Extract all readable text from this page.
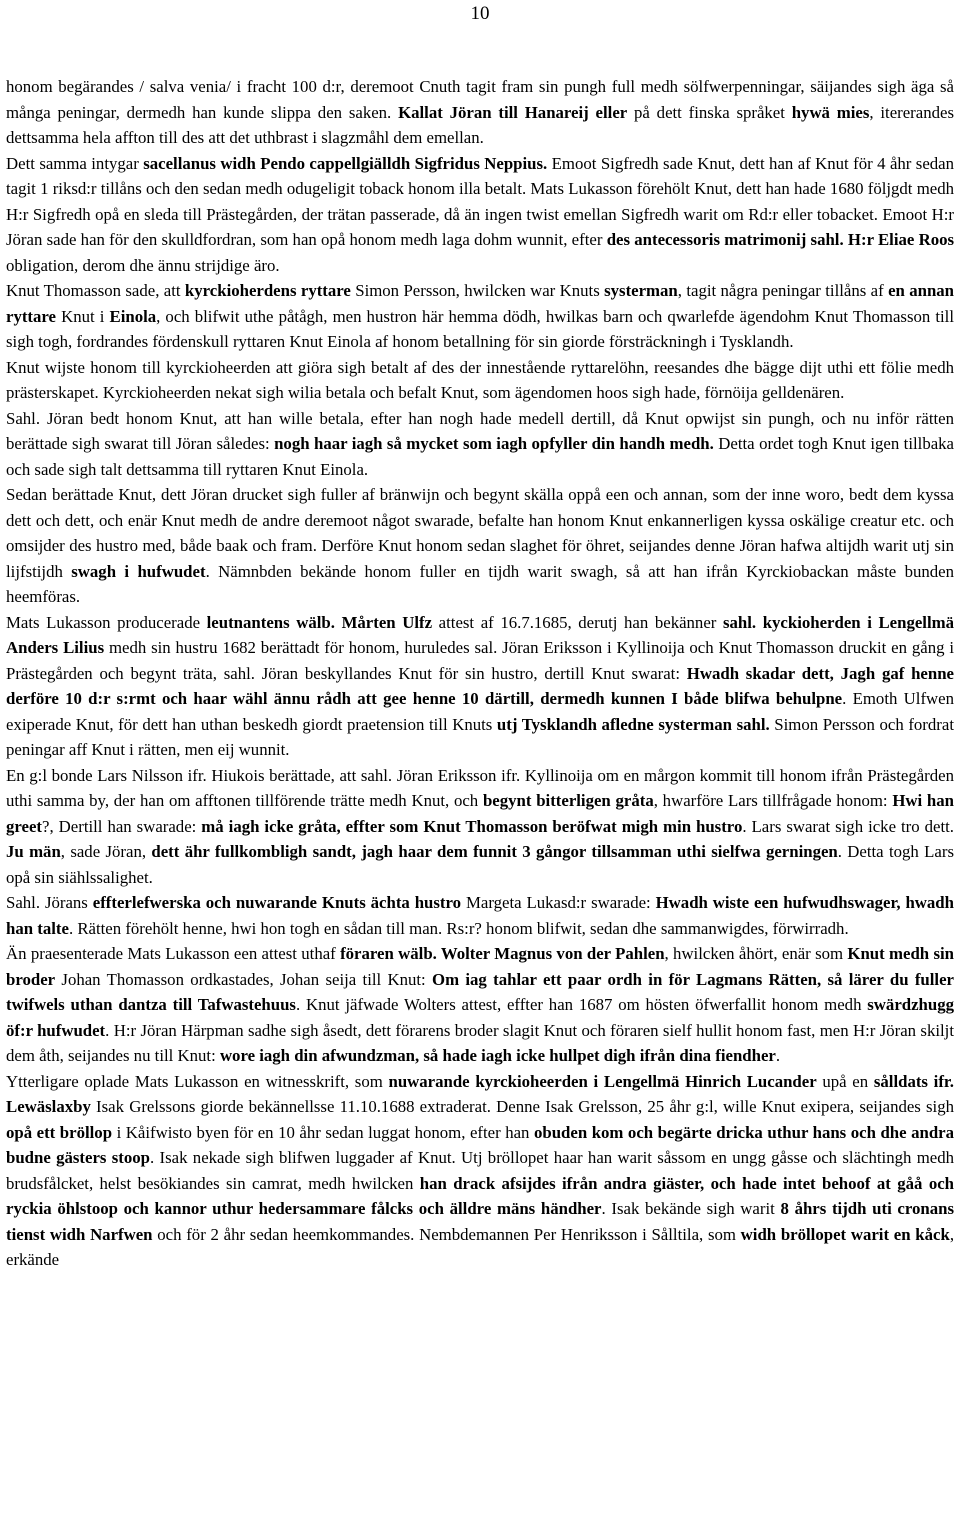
10

honom begärandes / salva venia/ i fracht 100 d:r, deremoot Cnuth tagit fram sin pungh full medh sölfwerpenningar, säijandes sigh äga så många peningar, dermedh han kunde slippa den saken. Kallat Jöran till Hanareij eller på dett finska språket hywä mies, itererandes dettsamma hela affton till des att det uthbrast i slagzmåhl dem emellan.

Dett samma intygar sacellanus widh Pendo cappellgiälldh Sigfridus Neppius. Emoot Sigfredh sade Knut, dett han af Knut för 4 åhr sedan tagit 1 riksd:r tillåns och den sedan medh odugeligit toback honom illa betalt. Mats Lukasson förehölt Knut, dett han hade 1680 följgdt medh H:r Sigfredh opå en sleda till Prästegården, der trätan passerade, då än ingen twist emellan Sigfredh warit om Rd:r eller tobacket. Emoot H:r Jöran sade han för den skulldfordran, som han opå honom medh laga dohm wunnit, efter des antecessoris matrimonij sahl. H:r Eliae Roos obligation, derom dhe ännu strijdige äro.

Knut Thomasson sade, att kyrckioherdens ryttare Simon Persson, hwilcken war Knuts systerman, tagit några peningar tillåns af en annan ryttare Knut i Einola, och blifwit uthe påtågh, men hustron här hemma dödh, hwilkas barn och qwarlefde ägendohm Knut Thomasson till sigh togh, fordrandes fördenskull ryttaren Knut Einola af honom betallning för sin giorde försträckningh i Tysklandh.

Knut wijste honom till kyrckioheerden att giöra sigh betalt af des der innestående ryttarelöhn, reesandes dhe bägge dijt uthi ett fölie medh prästerskapet. Kyrckioheerden nekat sigh wilia betala och befalt Knut, som ägendomen hoos sigh hade, förnöija gelldenären.

Sahl. Jöran bedt honom Knut, att han wille betala, efter han nogh hade medell dertill, då Knut opwijst sin pungh, och nu inför rätten berättade sigh swarat till Jöran således: nogh haar iagh så mycket som iagh opfyller din handh medh. Detta ordet togh Knut igen tillbaka och sade sigh talt dettsamma till ryttaren Knut Einola.

Sedan berättade Knut, dett Jöran drucket sigh fuller af bränwijn och begynt skälla oppå een och annan, som der inne woro, bedt dem kyssa dett och dett, och enär Knut medh de andre deremoot något swarade, befalte han honom Knut enkannerligen kyssa oskälige creatur etc. och omsijder des hustro med, både baak och fram. Derföre Knut honom sedan slaghet för öhret, seijandes denne Jöran hafwa altijdh warit utj sin lijfstijdh swagh i hufwudet. Nämnbden bekände honom fuller en tijdh warit swagh, så att han ifrån Kyrckiobackan måste bunden heemföras.

Mats Lukasson producerade leutnantens wälb. Mårten Ulfz attest af 16.7.1685, derutj han bekänner sahl. kyckioherden i Lengellmä Anders Lilius medh sin hustru 1682 berättadt för honom, huruledes sal. Jöran Eriksson i Kyllinoija och Knut Thomasson druckit en gång i Prästegården och begynt träta, sahl. Jöran beskyllandes Knut för sin hustro, dertill Knut swarat: Hwadh skadar dett, Jagh gaf henne derföre 10 d:r s:rmt och haar wähl ännu rådh att gee henne 10 därtill, dermedh kunnen I både blifwa behulpne. Emoth Ulfwen exiperade Knut, för dett han uthan beskedh giordt praetension till Knuts utj Tysklandh afledne systerman sahl. Simon Persson och fordrat peningar aff Knut i rätten, men eij wunnit.

En g:l bonde Lars Nilsson ifr. Hiukois berättade, att sahl. Jöran Eriksson ifr. Kyllinoija om en mårgon kommit till honom ifrån Prästegården uthi samma by, der han om afftonen tillförende trätte medh Knut, och begynt bitterligen gråta, hwarföre Lars tillfrågade honom: Hwi han greet?, Dertill han swarade: må iagh icke gråta, effter som Knut Thomasson beröfwat migh min hustro. Lars swarat sigh icke tro dett. Ju män, sade Jöran, dett ähr fullkombligh sandt, jagh haar dem funnit 3 gångor tillsamman uthi sielfwa gerningen. Detta togh Lars opå sin siählssalighet.

Sahl. Jörans effterlefwerska och nuwarande Knuts ächta hustro Margeta Lukasd:r swarade: Hwadh wiste een hufwudhswager, hwadh han talte. Rätten förehölt henne, hwi hon togh en sådan till man. Rs:r? honom blifwit, sedan dhe sammanwigdes, förwirradh.

Än praesenterade Mats Lukasson een attest uthaf föraren wälb. Wolter Magnus von der Pahlen, hwilcken åhört, enär som Knut medh sin broder Johan Thomasson ordkastades, Johan seija till Knut: Om iag tahlar ett paar ordh in för Lagmans Rätten, så lärer du fuller twifwels uthan dantza till Tafwastehuus. Knut jäfwade Wolters attest, effter han 1687 om hösten öfwerfallit honom medh swärdzhugg öf:r hufwudet. H:r Jöran Härpman sadhe sigh åsedt, dett förarens broder slagit Knut och föraren sielf hullit honom fast, men H:r Jöran skiljt dem åth, seijandes nu till Knut: wore iagh din afwundzman, så hade iagh icke hullpet digh ifrån dina fiendher.

Ytterligare oplade Mats Lukasson en witnesskrift, som nuwarande kyrckioheerden i Lengellmä Hinrich Lucander upå en sålldats ifr. Lewäslaxby Isak Grelssons giorde bekännellsse 11.10.1688 extraderat. Denne Isak Grelsson, 25 åhr g:l, wille Knut exipera, seijandes sigh opå ett bröllop i Kåifwisto byen för en 10 åhr sedan luggat honom, efter han obuden kom och begärte dricka uthur hans och dhe andra budne gästers stoop. Isak nekade sigh blifwen luggader af Knut. Utj bröllopet haar han warit såssom en ungg gåsse och slächtingh medh brudsfålcket, helst besökiandes sin camrat, medh hwilcken han drack afsijdes ifrån andra giäster, och hade intet behoof at gåå och ryckia öhlstoop och kannor uthur hedersammare fålcks och älldre mäns händher. Isak bekände sigh warit 8 åhrs tijdh uti cronans tienst widh Narfwen och för 2 åhr sedan heemkommandes. Nembdemannen Per Henriksson i Sålltila, som widh bröllopet warit en kåck, erkände
